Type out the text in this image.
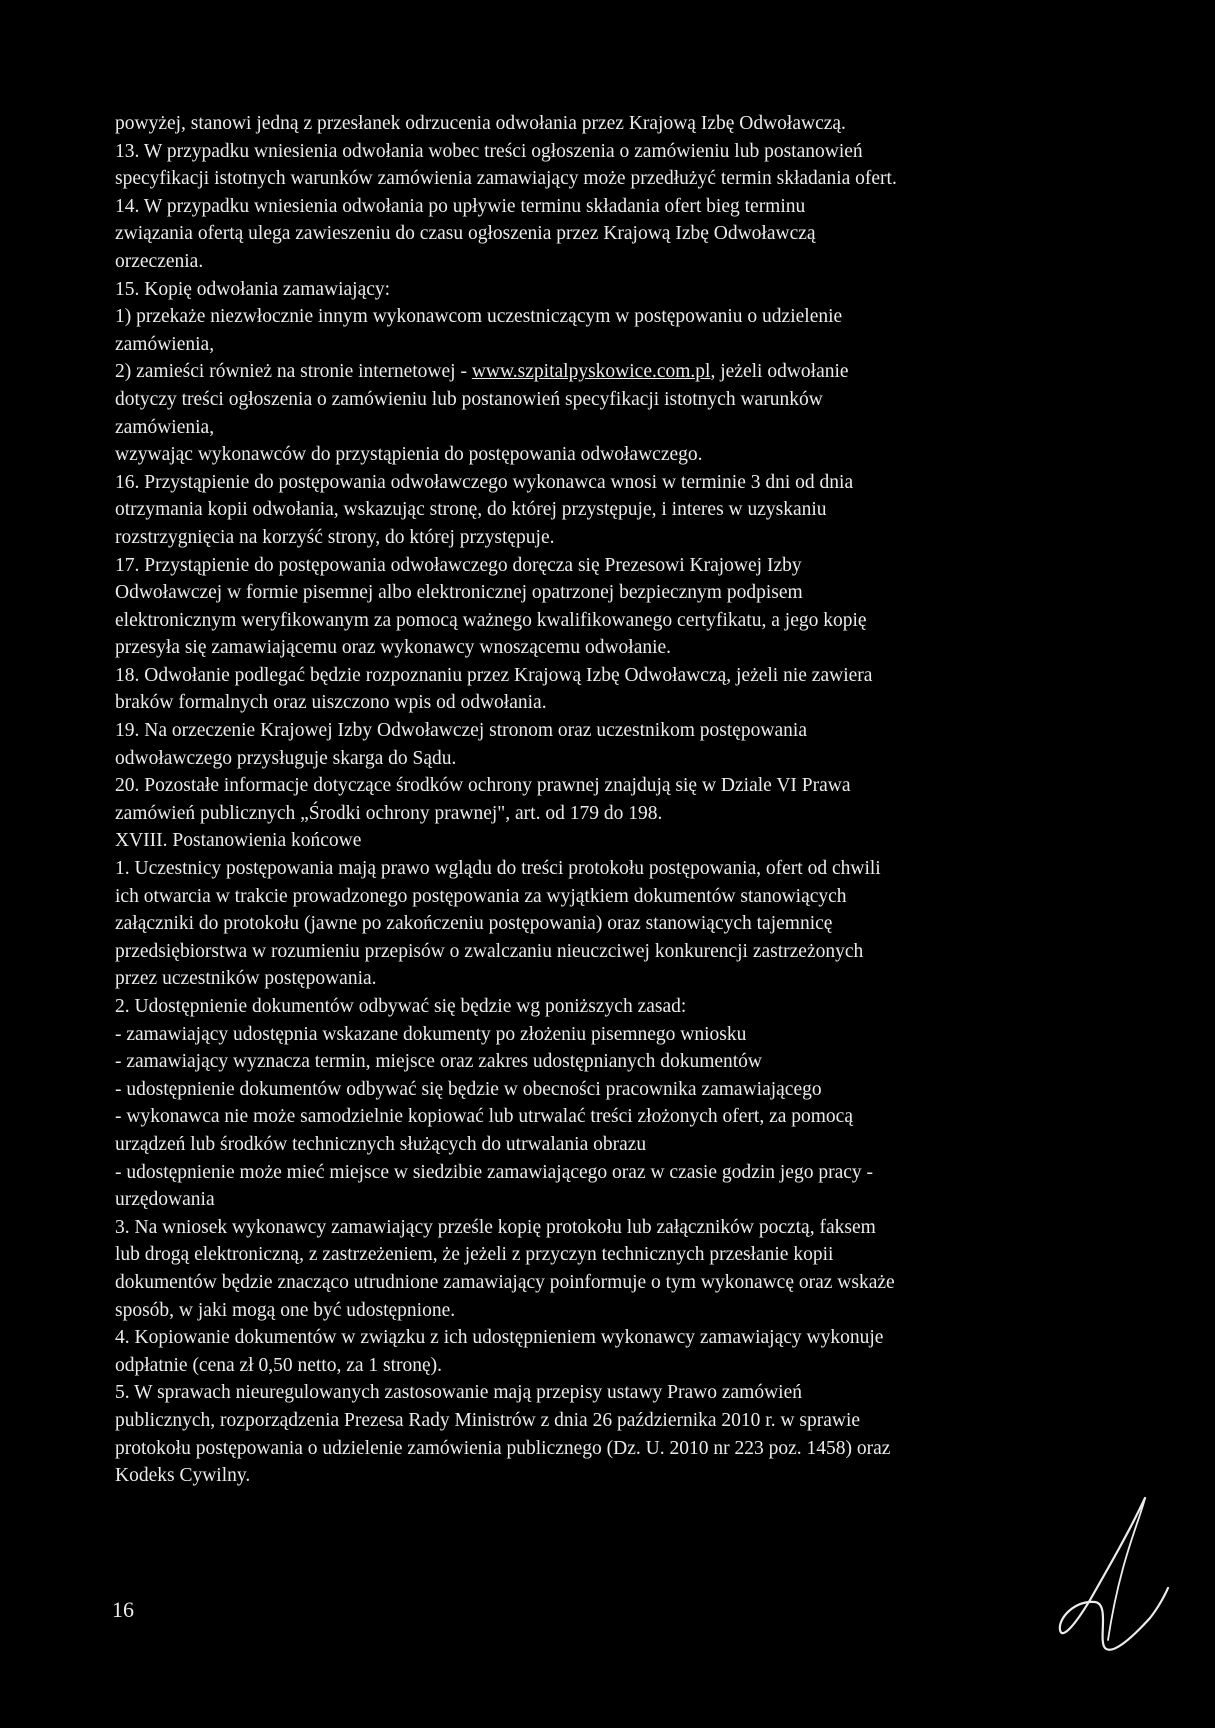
powyżej, stanowi jedną z przesłanek odrzucenia odwołania przez Krajową Izbę Odwoławczą.
13. W przypadku wniesienia odwołania wobec treści ogłoszenia o zamówieniu lub postanowień
specyfikacji istotnych warunków zamówienia zamawiający może przedłużyć termin składania ofert.
14. W przypadku wniesienia odwołania po upływie terminu składania ofert bieg terminu
związania ofertą ulega zawieszeniu do czasu ogłoszenia przez Krajową Izbę Odwoławczą
orzeczenia.
15. Kopię odwołania zamawiający:
1) przekaże niezwłocznie innym wykonawcom uczestniczącym w postępowaniu o udzielenie
zamówienia,
2) zamieści również na stronie internetowej - www.szpitalpyskowice.com.pl, jeżeli odwołanie
dotyczy treści ogłoszenia o zamówieniu lub postanowień specyfikacji istotnych warunków
zamówienia,
wzywając wykonawców do przystąpienia do postępowania odwoławczego.
16. Przystąpienie do postępowania odwoławczego wykonawca wnosi w terminie 3 dni od dnia
otrzymania kopii odwołania, wskazując stronę, do której przystępuje, i interes w uzyskaniu
rozstrzygnięcia na korzyść strony, do której przystępuje.
17. Przystąpienie do postępowania odwoławczego doręcza się Prezesowi Krajowej Izby
Odwoławczej w formie pisemnej albo elektronicznej opatrzonej bezpiecznym podpisem
elektronicznym weryfikowanym za pomocą ważnego kwalifikowanego certyfikatu, a jego kopię
przesyła się zamawiającemu oraz wykonawcy wnoszącemu odwołanie.
18. Odwołanie podlegać będzie rozpoznaniu przez Krajową Izbę Odwoławczą, jeżeli nie zawiera
braków formalnych oraz uiszczono wpis od odwołania.
19. Na orzeczenie Krajowej Izby Odwoławczej stronom oraz uczestnikom postępowania
odwoławczego przysługuje skarga do Sądu.
20. Pozostałe informacje dotyczące środków ochrony prawnej znajdują się w Dziale VI Prawa
zamówień publicznych „Środki ochrony prawnej", art. od 179 do 198.
XVIII. Postanowienia końcowe
1. Uczestnicy postępowania mają prawo wglądu do treści protokołu postępowania, ofert od chwili
ich otwarcia w trakcie prowadzonego postępowania za wyjątkiem dokumentów stanowiących
załączniki do protokołu (jawne po zakończeniu postępowania) oraz stanowiących tajemnicę
przedsiębiorstwa w rozumieniu przepisów o zwalczaniu nieuczciwej konkurencji zastrzeżonych
przez uczestników postępowania.
2. Udostępnienie dokumentów odbywać się będzie wg poniższych zasad:
- zamawiający udostępnia wskazane dokumenty po złożeniu pisemnego wniosku
- zamawiający wyznacza termin, miejsce oraz zakres udostępnianych dokumentów
- udostępnienie dokumentów odbywać się będzie w obecności pracownika zamawiającego
- wykonawca nie może samodzielnie kopiować lub utrwalać treści złożonych ofert, za pomocą
urządzeń lub środków technicznych służących do utrwalania obrazu
- udostępnienie może mieć miejsce w siedzibie zamawiającego oraz w czasie godzin jego pracy -
urzędowania
3. Na wniosek wykonawcy zamawiający prześle kopię protokołu lub załączników pocztą, faksem
lub drogą elektroniczną, z zastrzeżeniem, że jeżeli z przyczyn technicznych przesłanie kopii
dokumentów będzie znacząco utrudnione zamawiający poinformuje o tym wykonawcę oraz wskaże
sposób, w jaki mogą one być udostępnione.
4. Kopiowanie dokumentów w związku z ich udostępnieniem wykonawcy zamawiający wykonuje
odpłatnie (cena zł 0,50 netto, za 1 stronę).
5. W sprawach nieuregulowanych zastosowanie mają przepisy ustawy Prawo zamówień
publicznych, rozporządzenia Prezesa Rady Ministrów z dnia 26 października 2010 r. w sprawie
protokołu postępowania o udzielenie zamówienia publicznego (Dz. U. 2010 nr 223 poz. 1458) oraz
Kodeks Cywilny.
16
